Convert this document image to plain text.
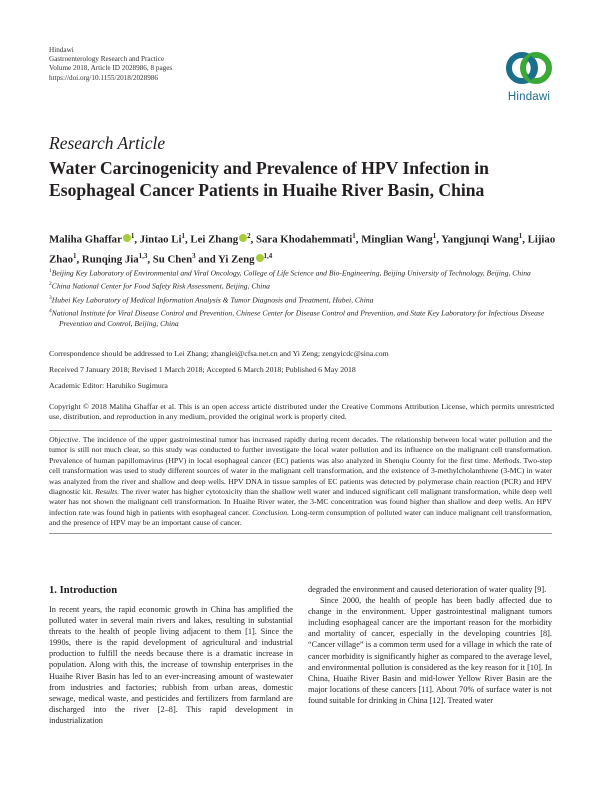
Hindawi
Gastroenterology Research and Practice
Volume 2018, Article ID 2028986, 8 pages
https://doi.org/10.1155/2018/2028986
Hindawi
Research Article
Water Carcinogenicity and Prevalence of HPV Infection in Esophageal Cancer Patients in Huaihe River Basin, China
Maliha Ghaffar $^1$, Jintao Li$^1$, Lei Zhang $^2$, Sara Khodahemmati$^1$, Minglian Wang$^1$, Yangjunqi Wang$^1$, Lijiao Zhao$^1$, Runqing Jia$^{1,3}$, Su Chen$^3$ and Yi Zeng $^{1,4}$
$^1$Beijing Key Laboratory of Environmental and Viral Oncology, College of Life Science and Bio-Engineering, Beijing University of Technology, Beijing, China
$^2$China National Center for Food Safety Risk Assessment, Beijing, China
$^3$Hubei Key Laboratory of Medical Information Analysis & Tumor Diagnosis and Treatment, Hubei, China
$^4$National Institute for Viral Disease Control and Prevention, Chinese Center for Disease Control and Prevention, and State Key Laboratory for Infectious Disease Prevention and Control, Beijing, China
Correspondence should be addressed to Lei Zhang; zhanglei@cfsa.net.cn and Yi Zeng; zengyicdc@sina.com
Received 7 January 2018; Revised 1 March 2018; Accepted 6 March 2018; Published 6 May 2018
Academic Editor: Haruhiko Sugimura
Copyright © 2018 Maliha Ghaffar et al. This is an open access article distributed under the Creative Commons Attribution License, which permits unrestricted use, distribution, and reproduction in any medium, provided the original work is properly cited.
Objective. The incidence of the upper gastrointestinal tumor has increased rapidly during recent decades. The relationship between local water pollution and the tumor is still not much clear, so this study was conducted to further investigate the local water pollution and its influence on the malignant cell transformation. Prevalence of human papillomavirus (HPV) in local esophageal cancer (EC) patients was also analyzed in Shenqiu County for the first time. Methods. Two-step cell transformation was used to study different sources of water in the malignant cell transformation, and the existence of 3-methylcholanthrene (3-MC) in water was analyzed from the river and shallow and deep wells. HPV DNA in tissue samples of EC patients was detected by polymerase chain reaction (PCR) and HPV diagnostic kit. Results. The river water has higher cytotoxicity than the shallow well water and induced significant cell malignant transformation, while deep well water has not shown the malignant cell transformation. In Huaihe River water, the 3-MC concentration was found higher than shallow and deep wells. An HPV infection rate was found high in patients with esophageal cancer. Conclusion. Long-term consumption of polluted water can induce malignant cell transformation, and the presence of HPV may be an important cause of cancer.
1. Introduction

In recent years, the rapid economic growth in China has amplified the polluted water in several main rivers and lakes, resulting in substantial threats to the health of people living adjacent to them [1]. Since the 1990s, there is the rapid development of agricultural and industrial production to fulfill the needs because there is a dramatic increase in population. Along with this, the increase of township enterprises in the Huaihe River Basin has led to an ever-increasing amount of wastewater from industries and factories; rubbish from urban areas, domestic sewage, medical waste, and pesticides and fertilizers from farmland are discharged into the river [2–8]. This rapid development in industrialization

degraded the environment and caused deterioration of water quality [9].

Since 2000, the health of people has been badly affected due to change in the environment. Upper gastrointestinal malignant tumors including esophageal cancer are the important reason for the morbidity and mortality of cancer, especially in the developing countries [8]. “Cancer village” is a common term used for a village in which the rate of cancer morbidity is significantly higher as compared to the average level, and environmental pollution is considered as the key reason for it [10]. In China, Huaihe River Basin and mid-lower Yellow River Basin are the major locations of these cancers [11]. About 70% of surface water is not found suitable for drinking in China [12]. Treated water
